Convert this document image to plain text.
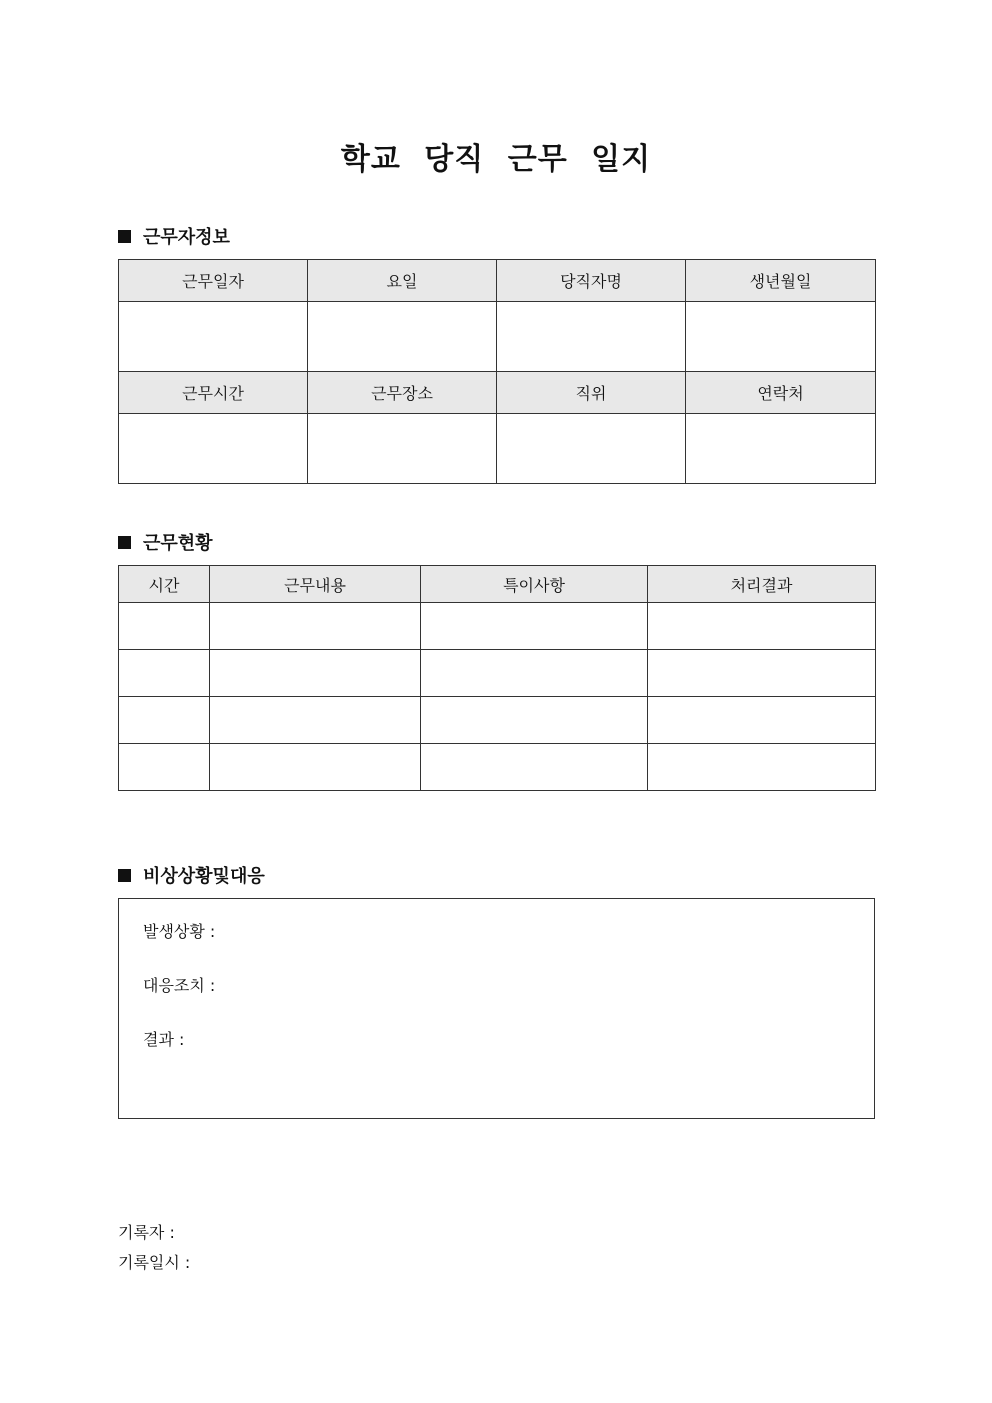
학교 당직 근무 일지
근무자정보
근무일자	요일	당직자명	생년월일

근무시간	근무장소	직위	연락처

근무현황
시간	근무내용	특이사항	처리결과

비상상황및대응
발생상황 :
대응조치 :
결과 :
기록자 :
기록일시 :
